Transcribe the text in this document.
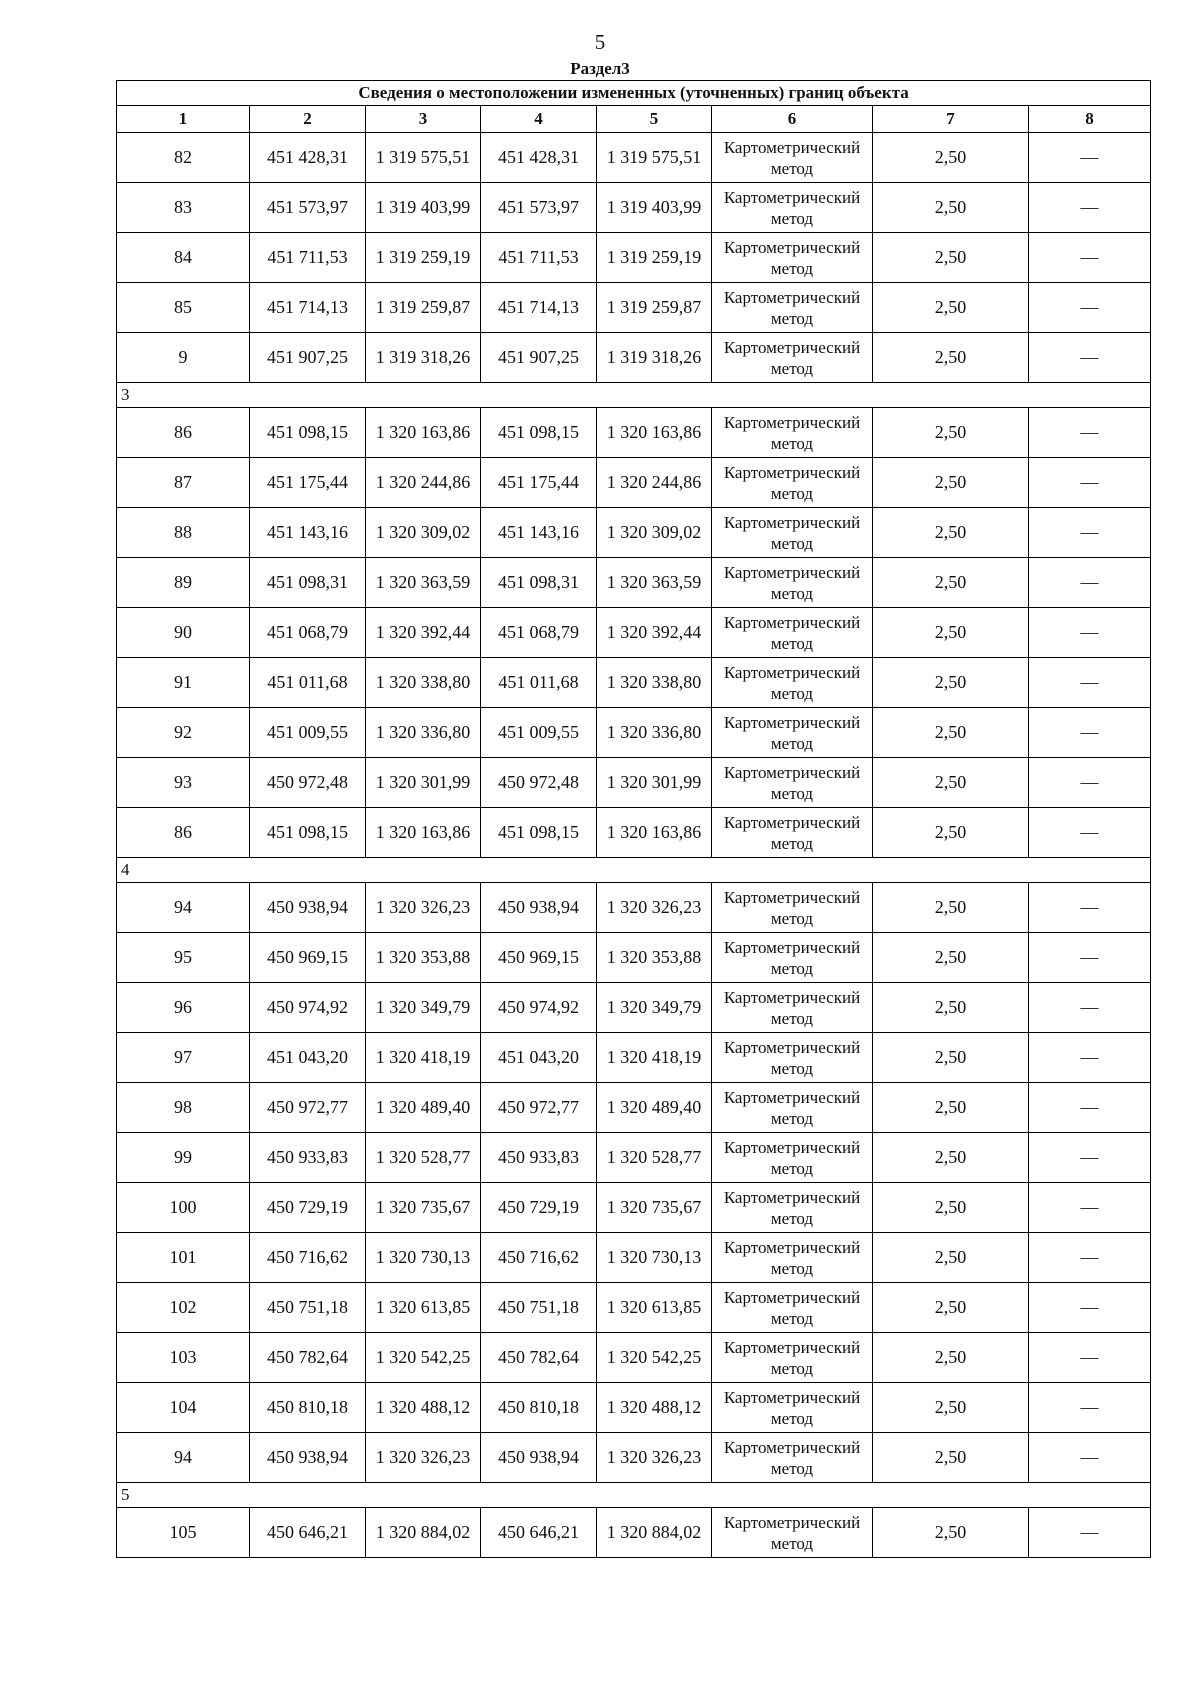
5
Раздел3
Сведения о местоположении измененных (уточненных) границ объекта							
1	2	3	4	5	6	7	8
82	451 428,31	1 319 575,51	451 428,31	1 319 575,51	Картометрический метод	2,50	—
83	451 573,97	1 319 403,99	451 573,97	1 319 403,99	Картометрический метод	2,50	—
84	451 711,53	1 319 259,19	451 711,53	1 319 259,19	Картометрический метод	2,50	—
85	451 714,13	1 319 259,87	451 714,13	1 319 259,87	Картометрический метод	2,50	—
9	451 907,25	1 319 318,26	451 907,25	1 319 318,26	Картометрический метод	2,50	—
3							
86	451 098,15	1 320 163,86	451 098,15	1 320 163,86	Картометрический метод	2,50	—
87	451 175,44	1 320 244,86	451 175,44	1 320 244,86	Картометрический метод	2,50	—
88	451 143,16	1 320 309,02	451 143,16	1 320 309,02	Картометрический метод	2,50	—
89	451 098,31	1 320 363,59	451 098,31	1 320 363,59	Картометрический метод	2,50	—
90	451 068,79	1 320 392,44	451 068,79	1 320 392,44	Картометрический метод	2,50	—
91	451 011,68	1 320 338,80	451 011,68	1 320 338,80	Картометрический метод	2,50	—
92	451 009,55	1 320 336,80	451 009,55	1 320 336,80	Картометрический метод	2,50	—
93	450 972,48	1 320 301,99	450 972,48	1 320 301,99	Картометрический метод	2,50	—
86	451 098,15	1 320 163,86	451 098,15	1 320 163,86	Картометрический метод	2,50	—
4							
94	450 938,94	1 320 326,23	450 938,94	1 320 326,23	Картометрический метод	2,50	—
95	450 969,15	1 320 353,88	450 969,15	1 320 353,88	Картометрический метод	2,50	—
96	450 974,92	1 320 349,79	450 974,92	1 320 349,79	Картометрический метод	2,50	—
97	451 043,20	1 320 418,19	451 043,20	1 320 418,19	Картометрический метод	2,50	—
98	450 972,77	1 320 489,40	450 972,77	1 320 489,40	Картометрический метод	2,50	—
99	450 933,83	1 320 528,77	450 933,83	1 320 528,77	Картометрический метод	2,50	—
100	450 729,19	1 320 735,67	450 729,19	1 320 735,67	Картометрический метод	2,50	—
101	450 716,62	1 320 730,13	450 716,62	1 320 730,13	Картометрический метод	2,50	—
102	450 751,18	1 320 613,85	450 751,18	1 320 613,85	Картометрический метод	2,50	—
103	450 782,64	1 320 542,25	450 782,64	1 320 542,25	Картометрический метод	2,50	—
104	450 810,18	1 320 488,12	450 810,18	1 320 488,12	Картометрический метод	2,50	—
94	450 938,94	1 320 326,23	450 938,94	1 320 326,23	Картометрический метод	2,50	—
5							
105	450 646,21	1 320 884,02	450 646,21	1 320 884,02	Картометрический метод	2,50	—
